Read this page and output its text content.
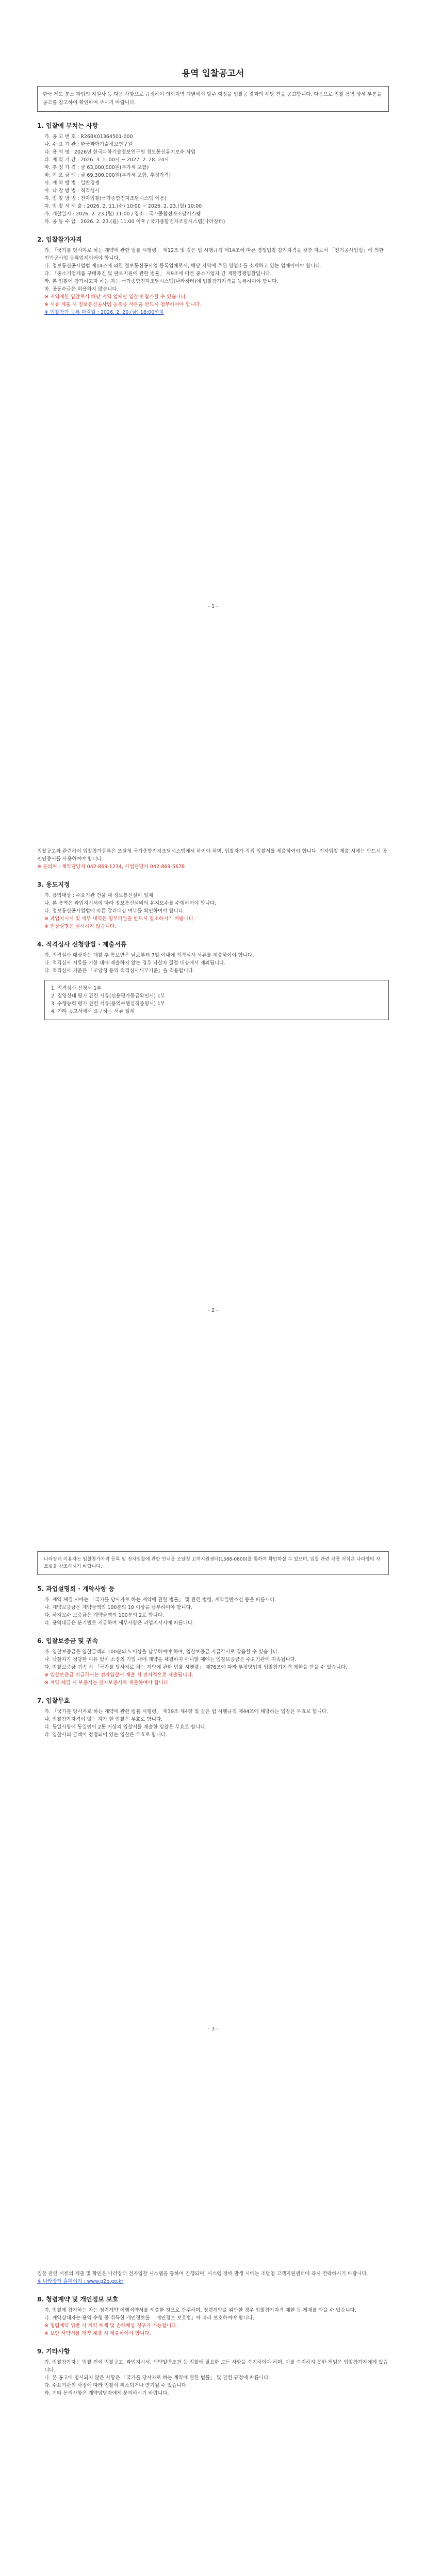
용역 입찰공고서
한국 제도 분소 과업의 지원사 등 다음 사항으로 규정하여 의뢰지역 계열에서 발주 행정을 입찰공 결과의 해당 건을 공고합니다. 다음으로 입찰 용역 상세 부분을 공고를 참고하여 확인하여 주시기 바랍니다.
1. 입찰에 부치는 사항

가. 공 고 번 호 : R26BK01364501-000

나. 수 요 기 관 : 한국과학기술정보연구원

다. 용 역 명 : 2026년 한국과학기술정보연구원 정보통신유지보수 사업

라. 계 약 기 간 : 2026. 3. 1. 00시 ~ 2027. 2. 28. 24시

마. 추 정 가 격 : 금 63,000,000원(부가세 포함)

바. 기 초 금 액 : 금 69,300,000원(부가세 포함, 추정가격)

사. 계 약 방 법 : 일반경쟁

아. 낙 찰 방 법 : 적격심사

자. 입 찰 방 법 : 전자입찰(국가종합전자조달시스템 이용)

차. 입 찰 서 제 출 : 2026. 2. 11.(수) 10:00 ~ 2026. 2. 23.(월) 10:00

카. 개찰일시 : 2026. 2. 23.(월) 11:00 / 장소 : 국가종합전자조달시스템

타. 공 동 수 급 : 2026. 2. 23.(월) 11:00 이후 / 국가종합전자조달시스템(나라장터)

2. 입찰참가자격

가. 「국가를 당사자로 하는 계약에 관한 법률 시행령」 제12조 및 같은 법 시행규칙 제14조에 따른 경쟁입찰 참가자격을 갖춘 자로서 「전기공사업법」에 의한 전기공사업 등록업체이어야 합니다.

나. 정보통신공사업법 제14조에 의한 정보통신공사업 등록업체로서, 해당 지역에 주된 영업소를 소재하고 있는 업체이어야 합니다.

다. 「중소기업제품 구매촉진 및 판로지원에 관한 법률」 제9조에 따른 중소기업자 간 제한경쟁입찰입니다.

라. 본 입찰에 참가하고자 하는 자는 국가종합전자조달시스템(나라장터)에 입찰참가자격을 등록하여야 합니다.

마. 공동수급은 허용하지 않습니다.

※ 지역제한 입찰로서 해당 지역 업체만 입찰에 참가할 수 있습니다.

※ 서류 제출 시 정보통신공사업 등록증 사본을 반드시 첨부하여야 합니다.

※ 입찰참가 등록 마감일 : 2026. 2. 20.(금) 18:00까지

- 1 -
입찰공고와 관련하여 입찰참가등록은 조달청 국가종합전자조달시스템에서 하여야 하며, 입찰자가 직접 입찰서를 제출하여야 합니다. 전자입찰 제출 시에는 반드시 공인인증서를 사용하여야 합니다.
※ 문의처 : 계약담당자 042-869-1234, 사업담당자 042-869-5678
3. 용도지정

가. 용역대상 : 수요기관 건물 내 정보통신설비 일체

나. 본 용역은 과업지시서에 따라 정보통신설비의 유지보수를 수행하여야 합니다.

다. 정보통신공사업법에 따른 감리대상 여부를 확인하여야 합니다.

※ 과업지시서 및 세부 내역은 첨부파일을 반드시 참조하시기 바랍니다.

※ 현장설명은 실시하지 않습니다.

4. 적격심사 신청방법 · 제출서류

가. 적격심사 대상자는 개찰 후 통보받은 날로부터 7일 이내에 적격심사 서류를 제출하여야 합니다.

나. 적격심사 서류를 기한 내에 제출하지 않는 경우 낙찰자 결정 대상에서 제외됩니다.

다. 적격심사 기준은 「조달청 용역 적격심사세부기준」을 적용합니다.

1. 적격심사 신청서 1부

2. 경영상태 평가 관련 서류(신용평가등급확인서) 1부

3. 수행능력 평가 관련 서류(용역수행실적증명서) 1부

4. 기타 공고서에서 요구하는 서류 일체

- 2 -
나라장터 이용자는 입찰참가자격 등록 및 전자입찰에 관한 안내를 조달청 고객지원센터(1588-0800)를 통하여 확인하실 수 있으며, 입찰 관련 각종 서식은 나라장터 자료실을 참조하시기 바랍니다.
5. 과업설명회 · 계약사항 등

가. 계약 체결 시에는 「국가를 당사자로 하는 계약에 관한 법률」 및 관련 법령, 계약일반조건 등을 따릅니다.

나. 계약보증금은 계약금액의 100분의 10 이상을 납부하여야 합니다.

다. 하자보수 보증금은 계약금액의 100분의 2로 합니다.

라. 용역대금은 분기별로 지급하며 세부사항은 과업지시서에 따릅니다.

6. 입찰보증금 및 귀속

가. 입찰보증금은 입찰금액의 100분의 5 이상을 납부하여야 하며, 입찰보증금 지급각서로 갈음할 수 있습니다.

나. 낙찰자가 정당한 이유 없이 소정의 기일 내에 계약을 체결하지 아니할 때에는 입찰보증금은 수요기관에 귀속됩니다.

다. 입찰보증금 귀속 시 「국가를 당사자로 하는 계약에 관한 법률 시행령」 제76조에 따라 부정당업자 입찰참가자격 제한을 받을 수 있습니다.

※ 입찰보증금 지급각서는 전자입찰서 제출 시 전자적으로 제출됩니다.

※ 계약 체결 시 보증서는 전자보증서로 제출하여야 합니다.

7. 입찰무효

가. 「국가를 당사자로 하는 계약에 관한 법률 시행령」 제39조 제4항 및 같은 법 시행규칙 제44조에 해당하는 입찰은 무효로 합니다.

나. 입찰참가자격이 없는 자가 한 입찰은 무효로 합니다.

다. 동일사항에 동일인이 2통 이상의 입찰서를 제출한 입찰은 무효로 합니다.

라. 입찰서의 금액이 정정되어 있는 입찰은 무효로 합니다.

- 3 -
입찰 관련 서류의 제출 및 확인은 나라장터 전자입찰 시스템을 통하여 진행되며, 시스템 장애 발생 시에는 조달청 고객지원센터에 즉시 연락하시기 바랍니다.
※ 나라장터 홈페이지 : www.g2b.go.kr
8. 청렴계약 및 개인정보 보호

가. 입찰에 참가하는 자는 청렴계약 이행서약서를 제출한 것으로 간주하며, 청렴계약을 위반한 경우 입찰참가자격 제한 등 제재를 받을 수 있습니다.

나. 계약상대자는 용역 수행 중 취득한 개인정보를 「개인정보 보호법」에 따라 보호하여야 합니다.

※ 청렴계약 위반 시 계약 해제 및 손해배상 청구가 가능합니다.

※ 보안 서약서를 계약 체결 시 제출하여야 합니다.

9. 기타사항

가. 입찰참가자는 입찰 전에 입찰공고, 과업지시서, 계약일반조건 등 입찰에 필요한 모든 사항을 숙지하여야 하며, 이를 숙지하지 못한 책임은 입찰참가자에게 있습니다.

나. 본 공고에 명시되지 않은 사항은 「국가를 당사자로 하는 계약에 관한 법률」 및 관련 규정에 따릅니다.

다. 수요기관의 사정에 따라 입찰이 취소되거나 연기될 수 있습니다.

라. 기타 문의사항은 계약담당자에게 문의하시기 바랍니다.
